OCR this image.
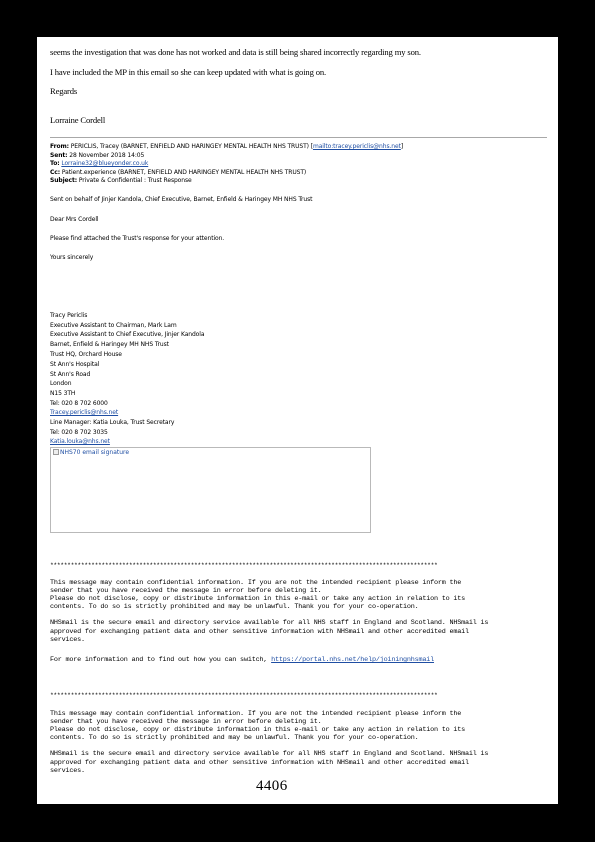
seems the investigation that was done has not worked and data is still being shared incorrectly regarding my son.
I have included the MP in this email so she can keep updated with what is going on.
Regards
Lorraine Cordell
From: PERICLIS, Tracey (BARNET, ENFIELD AND HARINGEY MENTAL HEALTH NHS TRUST) [mailto:tracey.periclis@nhs.net]
Sent: 28 November 2018 14:05
To: Lorraine32@blueyonder.co.uk
Cc: Patient.experience (BARNET, ENFIELD AND HARINGEY MENTAL HEALTH NHS TRUST)
Subject: Private & Confidential : Trust Response
Sent on behalf of Jinjer Kandola, Chief Executive, Barnet, Enfield & Haringey MH NHS Trust
Dear Mrs Cordell
Please find attached the Trust's response for your attention.
Yours sincerely
Tracy Periclis
Executive Assistant to Chairman, Mark Lam
Executive Assistant to Chief Executive, Jinjer Kandola
Barnet, Enfield & Haringey MH NHS Trust
Trust HQ, Orchard House
St Ann's Hospital
St Ann's Road
London
N15 3TH
Tel: 020 8 702 6000
Tracey.periclis@nhs.net
Line Manager: Katia Louka, Trust Secretary
Tel: 020 8 702 3035
Katia.louka@nhs.net
NHS70 email signature
*****************************************************************************************************************
This message may contain confidential information. If you are not the intended recipient please inform the
sender that you have received the message in error before deleting it.
Please do not disclose, copy or distribute information in this e-mail or take any action in relation to its
contents. To do so is strictly prohibited and may be unlawful. Thank you for your co-operation.

NHSmail is the secure email and directory service available for all NHS staff in England and Scotland. NHSmail is
approved for exchanging patient data and other sensitive information with NHSmail and other accredited email
services.
For more information and to find out how you can switch, https://portal.nhs.net/help/joiningnhsmail
*****************************************************************************************************************
This message may contain confidential information. If you are not the intended recipient please inform the
sender that you have received the message in error before deleting it.
Please do not disclose, copy or distribute information in this e-mail or take any action in relation to its
contents. To do so is strictly prohibited and may be unlawful. Thank you for your co-operation.

NHSmail is the secure email and directory service available for all NHS staff in England and Scotland. NHSmail is
approved for exchanging patient data and other sensitive information with NHSmail and other accredited email
services.
4406
